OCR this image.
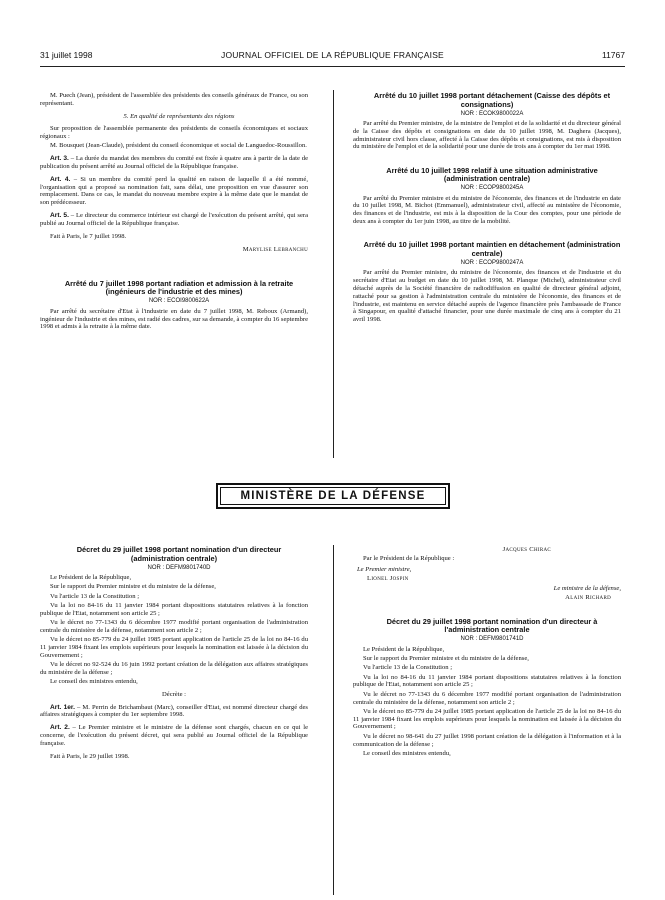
31 juillet 1998	JOURNAL OFFICIEL DE LA RÉPUBLIQUE FRANÇAISE	11767

M. Puech (Jean), président de l'assemblée des présidents des conseils généraux de France, ou son représentant.

5. En qualité de représentants des régions

Sur proposition de l'assemblée permanente des présidents de conseils économiques et sociaux régionaux :

M. Bousquet (Jean-Claude), président du conseil économique et social de Languedoc-Roussillon.

Art. 3. – La durée du mandat des membres du comité est fixée à quatre ans à partir de la date de publication du présent arrêté au Journal officiel de la République française.

Art. 4. – Si un membre du comité perd la qualité en raison de laquelle il a été nommé, l'organisation qui a proposé sa nomination fait, sans délai, une proposition en vue d'assurer son remplacement. Dans ce cas, le mandat du nouveau membre expire à la même date que le mandat de son prédécesseur.

Art. 5. – Le directeur du commerce intérieur est chargé de l'exécution du présent arrêté, qui sera publié au Journal officiel de la République française.

Fait à Paris, le 7 juillet 1998.

Marylise Lebranchu

Arrêté du 7 juillet 1998 portant radiation et admission à la retraite (ingénieurs de l'industrie et des mines)

NOR : ECOI9800622A

Par arrêté du secrétaire d'Etat à l'industrie en date du 7 juillet 1998, M. Reboux (Armand), ingénieur de l'industrie et des mines, est radié des cadres, sur sa demande, à compter du 16 septembre 1998 et admis à la retraite à la même date.

Arrêté du 10 juillet 1998 portant détachement (Caisse des dépôts et consignations)

NOR : ECOK9800022A

Par arrêté du Premier ministre, de la ministre de l'emploi et de la solidarité et du directeur général de la Caisse des dépôts et consignations en date du 10 juillet 1998, M. Daghera (Jacques), administrateur civil hors classe, affecté à la Caisse des dépôts et consignations, est mis à disposition du ministère de l'emploi et de la solidarité pour une durée de trois ans à compter du 1er mai 1998.

Arrêté du 10 juillet 1998 relatif à une situation administrative (administration centrale)

NOR : ECOP9800245A

Par arrêté du Premier ministre et du ministre de l'économie, des finances et de l'industrie en date du 10 juillet 1998, M. Bichot (Emmanuel), administrateur civil, affecté au ministère de l'économie, des finances et de l'industrie, est mis à la disposition de la Cour des comptes, pour une période de deux ans à compter du 1er juin 1998, au titre de la mobilité.

Arrêté du 10 juillet 1998 portant maintien en détachement (administration centrale)

NOR : ECOP9800247A

Par arrêté du Premier ministre, du ministre de l'économie, des finances et de l'industrie et du secrétaire d'Etat au budget en date du 10 juillet 1998, M. Planque (Michel), administrateur civil détaché auprès de la Société financière de radiodiffusion en qualité de directeur général adjoint, rattaché pour sa gestion à l'administration centrale du ministère de l'économie, des finances et de l'industrie, est maintenu en service détaché auprès de l'agence financière près l'ambassade de France à Singapour, en qualité d'attaché financier, pour une durée maximale de cinq ans à compter du 21 avril 1998.

MINISTÈRE DE LA DÉFENSE

Décret du 29 juillet 1998 portant nomination d'un directeur (administration centrale)

NOR : DEFM9801740D

Le Président de la République,

Sur le rapport du Premier ministre et du ministre de la défense,

Vu l'article 13 de la Constitution ;

Vu la loi no 84-16 du 11 janvier 1984 portant dispositions statutaires relatives à la fonction publique de l'Etat, notamment son article 25 ;

Vu le décret no 77-1343 du 6 décembre 1977 modifié portant organisation de l'administration centrale du ministère de la défense, notamment son article 2 ;

Vu le décret no 85-779 du 24 juillet 1985 portant application de l'article 25 de la loi no 84-16 du 11 janvier 1984 fixant les emplois supérieurs pour lesquels la nomination est laissée à la décision du Gouvernement ;

Vu le décret no 92-524 du 16 juin 1992 portant création de la délégation aux affaires stratégiques du ministère de la défense ;

Le conseil des ministres entendu,

Décrète :

Art. 1er. – M. Perrin de Brichambaut (Marc), conseiller d'Etat, est nommé directeur chargé des affaires stratégiques à compter du 1er septembre 1998.

Art. 2. – Le Premier ministre et le ministre de la défense sont chargés, chacun en ce qui le concerne, de l'exécution du présent décret, qui sera publié au Journal officiel de la République française.

Fait à Paris, le 29 juillet 1998.

Jacques Chirac

Par le Président de la République :

Le Premier ministre,

Lionel Jospin

Le ministre de la défense,

Alain Richard

Décret du 29 juillet 1998 portant nomination d'un directeur à l'administration centrale

NOR : DEFM9801741D

Le Président de la République,

Sur le rapport du Premier ministre et du ministre de la défense,

Vu l'article 13 de la Constitution ;

Vu la loi no 84-16 du 11 janvier 1984 portant dispositions statutaires relatives à la fonction publique de l'Etat, notamment son article 25 ;

Vu le décret no 77-1343 du 6 décembre 1977 modifié portant organisation de l'administration centrale du ministère de la défense, notamment son article 2 ;

Vu le décret no 85-779 du 24 juillet 1985 portant application de l'article 25 de la loi no 84-16 du 11 janvier 1984 fixant les emplois supérieurs pour lesquels la nomination est laissée à la décision du Gouvernement ;

Vu le décret no 98-641 du 27 juillet 1998 portant création de la délégation à l'information et à la communication de la défense ;

Le conseil des ministres entendu,
